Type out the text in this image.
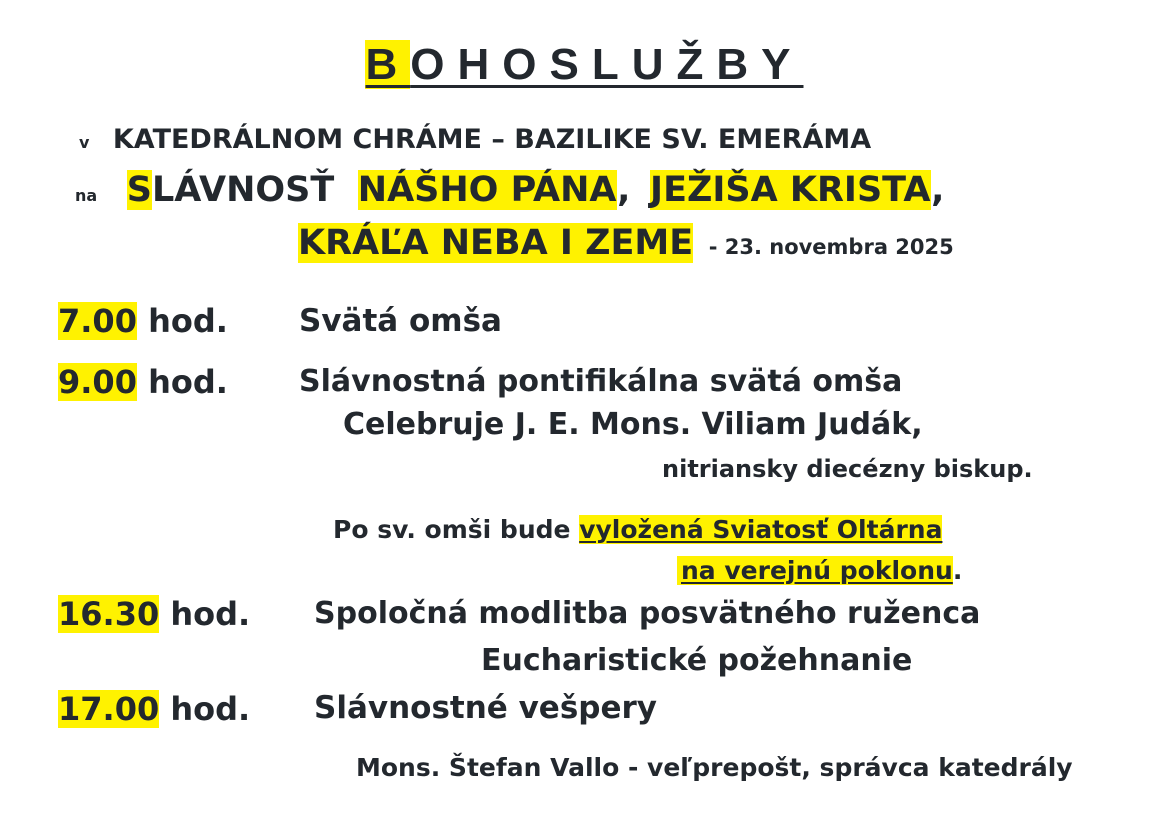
BOHOSLUŽBY
v KATEDRÁLNOM CHRÁME – BAZILIKE SV. EMERÁMA
na SLÁVNOSŤ NÁŠHO PÁNA, JEŽIŠA KRISTA,
KRÁĽA NEBA I ZEME - 23. novembra 2025
7.00 hod. Svätá omša
9.00 hod. Slávnostná pontifikálna svätá omša
Celebruje J. E. Mons. Viliam Judák,
nitriansky diecézny biskup.
Po sv. omši bude vyložená Sviatosť Oltárna
na verejnú poklonu.
16.30 hod. Spoločná modlitba posvätného ruženca
Eucharistické požehnanie
17.00 hod. Slávnostné vešpery
Mons. Štefan Vallo - veľprepošt, správca katedrály
